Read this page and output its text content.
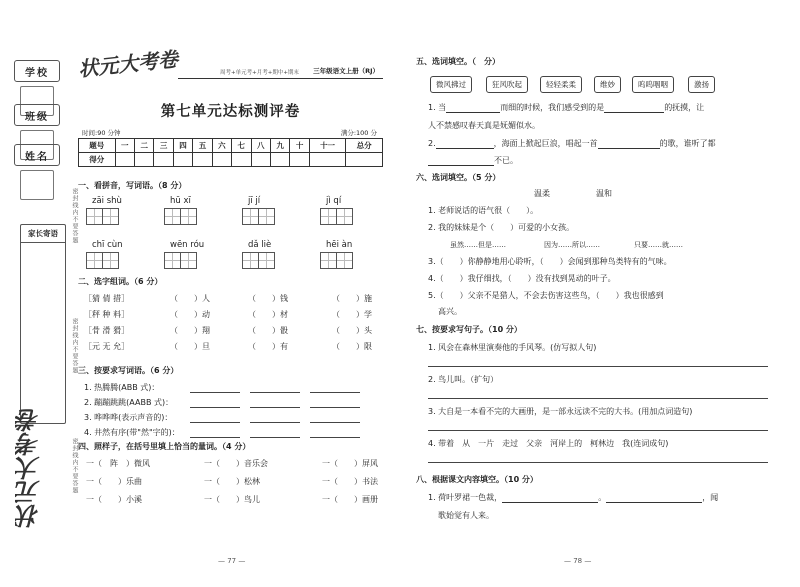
学校
班级
姓名
家长寄语	密封线内不要答题
密封线内不要答题
密封线内不要答题
状元大考卷
状元大考卷	周考+单元考+月考+期中+期末 三年级语文上册（RJ）
第七单元达标测评卷
时间:90 分钟	满分:100 分
题号	一	二	三	四	五	六	七	八	九	十	十一	总分
得分												
一、看拼音，写词语。（8 分）
zāi shù	hū xī	jī jí	jì qí
chī cùn	wēn róu	dǎ liè	hēi àn
二、选字组词。（6 分）
［猜 倩 措］	（　　）人	（　　）钱	（　　）施
［秤 种 料］	（　　）动	（　　）材	（　　）学
［骨 滑 猾］	（　　）翔	（　　）骰	（　　）头
［元 无 允］	（　　）旦	（　　）有	（　　）限
三、按要求写词语。（6 分）
1. 热腾腾(ABB 式)：
2. 蹦蹦跳跳(AABB 式)：
3. 哗哗哗(表示声音的)：
4. 井然有序(带"然"字的)：
四、照样子，在括号里填上恰当的量词。（4 分）
一（　阵　）微风	一（　　）音乐会	一（　　）屏风
一（　　）乐曲	一（　　）松林	一（　　）书法
一（　　）小溪	一（　　）鸟儿	一（　　）画册
— 77 —
五、选词填空。（　分）
微风拂过	狂风吹起	轻轻柔柔	维妙	呜呜咽咽	激扬
1. 当	而细的时候，我们感受到的是	的抚摸，让
人不禁感叹春天真是妩媚似水。
2.	，海面上掀起巨浪，唱起一首	的歌，谁听了都
不已。
六、选词填空。（5 分）
温柔	温和
1. 老师说话的语气很（　　）。
2. 我的妹妹是个（　　）可爱的小女孩。
虽然……但是……	因为……所以……	只要……就……
3.（　　）你静静地用心聆听，（　　）会闻到那种鸟类特有的气味。
4.（　　）我仔细找，（　　）没有找到晃动的叶子。
5.（　　）父亲不是猎人，不会去伤害这些鸟，（　　）我也很感到
高兴。
七、按要求写句子。（10 分）
1. 风会在森林里演奏他的手风琴。(仿写拟人句)
2. 鸟儿叫。（扩句）
3. 大自是一本看不完的大画册，是一部永远读不完的大书。(用加点词造句)
4. 带着　从　一片　走过　父亲　河岸上的　柯林边　我(连词成句)
八、根据课文内容填空。（10 分）
1. 荷叶罗裙一色裁，	。	，闻
歌始觉有人来。
— 78 —
